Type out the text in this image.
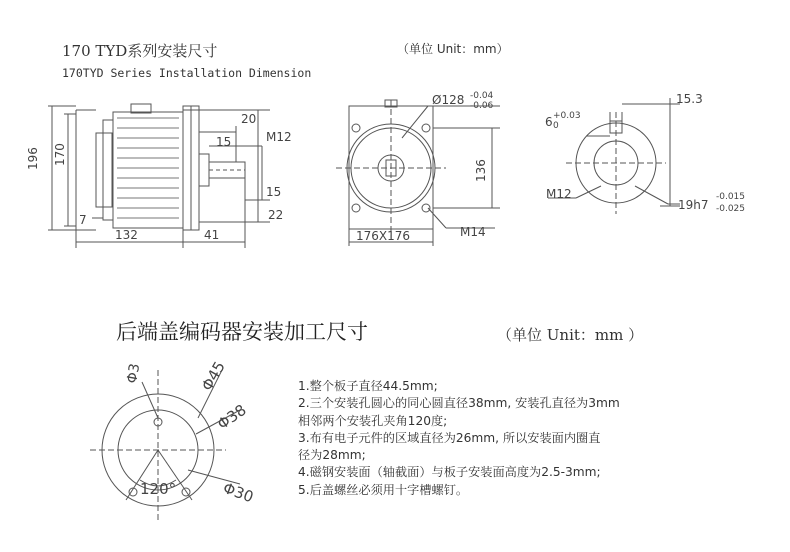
170 TYD系列安装尺寸
170TYD Series Installation Dimension
（单位 Unit：mm）
196 170
7
132	41
20
15	M12
15
22
Ø128 -0.04
-0.06
136
176X176	M14
6 +0.03
0
15.3
M12
19h7
-0.015
-0.025
Φ3	Φ45
Φ38
Φ30
120°
后端盖编码器安装加工尺寸	（单位 Unit：mm ）
1.整个板子直径44.5mm;
2.三个安装孔圆心的同心圆直径38mm, 安装孔直径为3mm
相邻两个安装孔夹角120度;
3.布有电子元件的区域直径为26mm, 所以安装面内圈直
径为28mm;
4.磁钢安装面（轴截面）与板子安装面高度为2.5-3mm;
5.后盖螺丝必须用十字槽螺钉。
